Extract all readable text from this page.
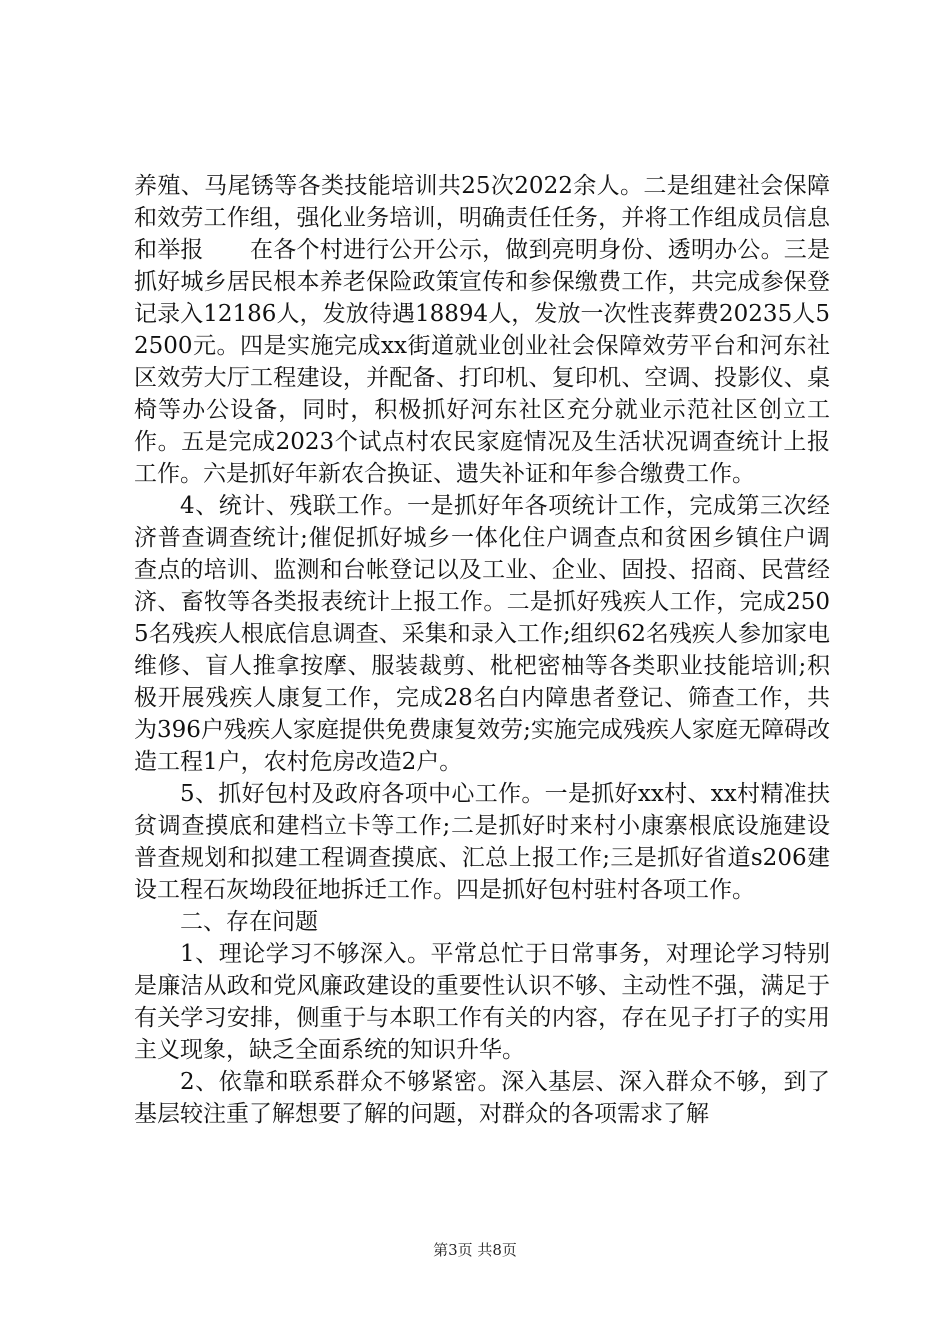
养殖、马尾锈等各类技能培训共25次2022余人。二是组建社会保障和效劳工作组，强化业务培训，明确责任任务，并将工作组成员信息和举报　　在各个村进行公开公示，做到亮明身份、透明办公。三是抓好城乡居民根本养老保险政策宣传和参保缴费工作，共完成参保登记录入12186人，发放待遇18894人，发放一次性丧葬费20235人52500元。四是实施完成xx街道就业创业社会保障效劳平台和河东社区效劳大厅工程建设，并配备、打印机、复印机、空调、投影仪、桌椅等办公设备，同时，积极抓好河东社区充分就业示范社区创立工作。五是完成2023个试点村农民家庭情况及生活状况调查统计上报工作。六是抓好年新农合换证、遗失补证和年参合缴费工作。

4、统计、残联工作。一是抓好年各项统计工作，完成第三次经济普查调查统计;催促抓好城乡一体化住户调查点和贫困乡镇住户调查点的培训、监测和台帐登记以及工业、企业、固投、招商、民营经济、畜牧等各类报表统计上报工作。二是抓好残疾人工作，完成2505名残疾人根底信息调查、采集和录入工作;组织62名残疾人参加家电维修、盲人推拿按摩、服装裁剪、枇杷密柚等各类职业技能培训;积极开展残疾人康复工作，完成28名白内障患者登记、筛查工作，共为396户残疾人家庭提供免费康复效劳;实施完成残疾人家庭无障碍改造工程1户，农村危房改造2户。

5、抓好包村及政府各项中心工作。一是抓好xx村、xx村精准扶贫调查摸底和建档立卡等工作;二是抓好时来村小康寨根底设施建设普查规划和拟建工程调查摸底、汇总上报工作;三是抓好省道s206建设工程石灰坳段征地拆迁工作。四是抓好包村驻村各项工作。

二、存在问题

1、理论学习不够深入。平常总忙于日常事务，对理论学习特别是廉洁从政和党风廉政建设的重要性认识不够、主动性不强，满足于有关学习安排，侧重于与本职工作有关的内容，存在见子打子的实用主义现象，缺乏全面系统的知识升华。

2、依靠和联系群众不够紧密。深入基层、深入群众不够，到了基层较注重了解想要了解的问题，对群众的各项需求了解

第3页 共8页
